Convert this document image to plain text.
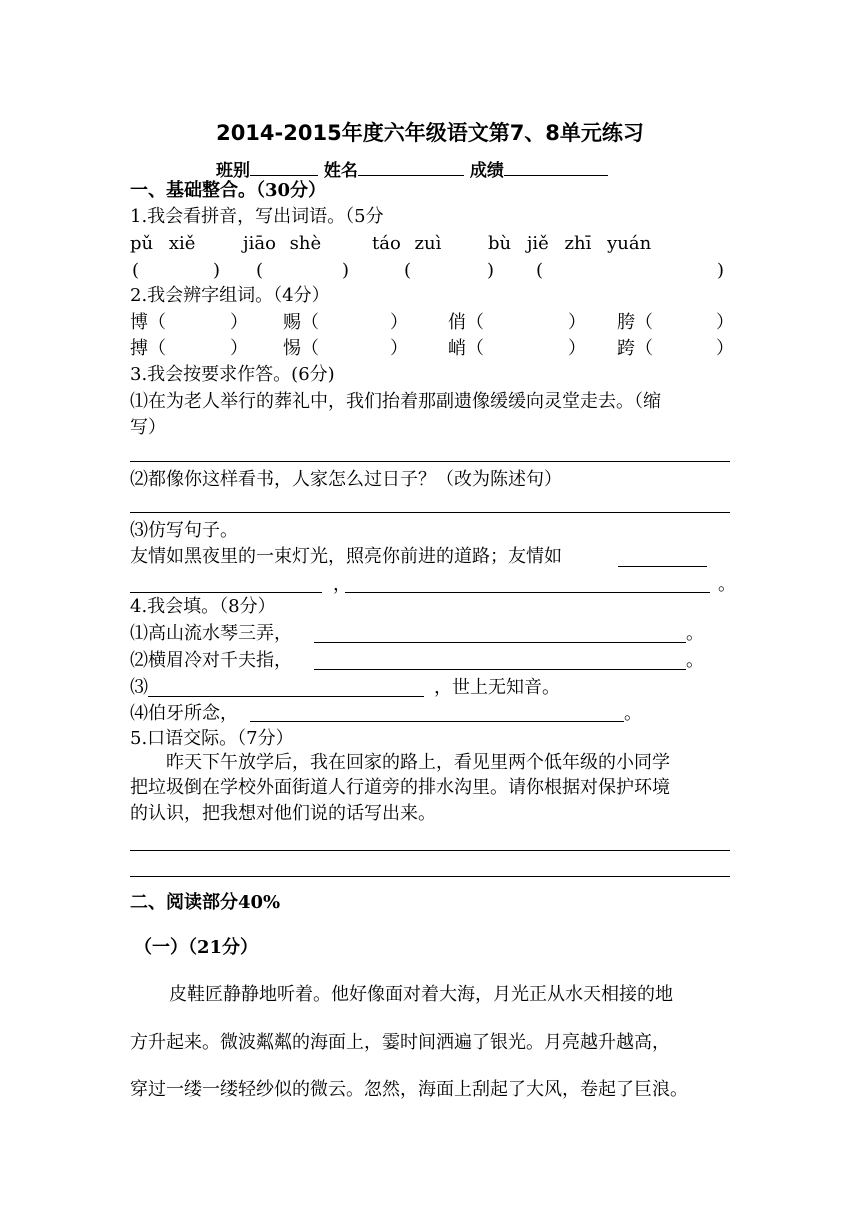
2014-2015年度六年级语文第7、8单元练习
班别	姓名	成绩
一、基础整合。（30分）
1.我会看拼音，写出词语。（5分
pǔ xiě	jiāo shè	táo zuì	bù jiě zhī yuán
(	) (	)	(	) (	)
2.我会辨字组词。（4分）
博（	） 赐（	） 俏（	） 胯（	）
搏（	） 惕（	） 峭（	） 跨（	）
3.我会按要求作答。(6分)
⑴在为老人举行的葬礼中，我们抬着那副遗像缓缓向灵堂走去。（缩
写）
⑵都像你这样看书，人家怎么过日子？（改为陈述句）
⑶仿写句子。
友情如黑夜里的一束灯光，照亮你前进的道路；友情如
，	。
4.我会填。（8分）
⑴高山流水琴三弄，	。
⑵横眉冷对千夫指，	。
⑶	，世上无知音。
⑷伯牙所念，	。
5.口语交际。（7分）
昨天下午放学后，我在回家的路上，看见里两个低年级的小同学
把垃圾倒在学校外面街道人行道旁的排水沟里。请你根据对保护环境
的认识，把我想对他们说的话写出来。
二、阅读部分40%
（一）（21分）
皮鞋匠静静地听着。他好像面对着大海，月光正从水天相接的地
方升起来。微波粼粼的海面上，霎时间洒遍了银光。月亮越升越高，
穿过一缕一缕轻纱似的微云。忽然，海面上刮起了大风，卷起了巨浪。
